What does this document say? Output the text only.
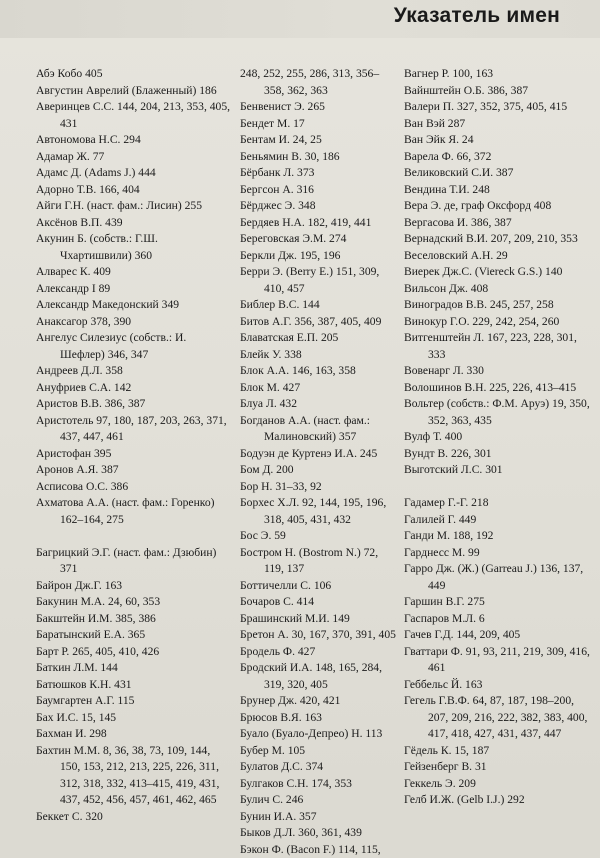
Указатель имен
Абэ Кобо 405
Августин Аврелий (Блаженный) 186
Аверинцев С.С. 144, 204, 213, 353, 405, 431
Автономова Н.С. 294
Адамар Ж. 77
Адамс Д. (Adams J.) 444
Адорно Т.В. 166, 404
Айги Г.Н. (наст. фам.: Лисин) 255
Аксёнов В.П. 439
Акунин Б. (собств.: Г.Ш. Чхартишвили) 360
Алварес К. 409
Александр I 89
Александр Македонский 349
Анаксагор 378, 390
Ангелус Силезиус (собств.: И. Шефлер) 346, 347
Андреев Д.Л. 358
Ануфриев С.А. 142
Аристов В.В. 386, 387
Аристотель 97, 180, 187, 203, 263, 371, 437, 447, 461
Аристофан 395
Аронов А.Я. 387
Асписова О.С. 386
Ахматова А.А. (наст. фам.: Горенко) 162–164, 275
Багрицкий Э.Г. (наст. фам.: Дзюбин) 371
Байрон Дж.Г. 163
Бакунин М.А. 24, 60, 353
Бакштейн И.М. 385, 386
Баратынский Е.А. 365
Барт Р. 265, 405, 410, 426
Баткин Л.М. 144
Батюшков К.Н. 431
Баумгартен А.Г. 115
Бах И.С. 15, 145
Бахман И. 298
Бахтин М.М. 8, 36, 38, 73, 109, 144, 150, 153, 212, 213, 225, 226, 311, 312, 318, 332, 413–415, 419, 431, 437, 452, 456, 457, 461, 462, 465
Беккет С. 320
248, 252, 255, 286, 313, 356–358, 362, 363
Бенвенист Э. 265
Бендет М. 17
Бентам И. 24, 25
Беньямин В. 30, 186
Бёрбанк Л. 373
Бергсон А. 316
Бёрджес Э. 348
Бердяев Н.А. 182, 419, 441
Береговская Э.М. 274
Беркли Дж. 195, 196
Берри Э. (Berry E.) 151, 309, 410, 457
Библер В.С. 144
Битов А.Г. 356, 387, 405, 409
Блаватская Е.П. 205
Блейк У. 338
Блок А.А. 146, 163, 358
Блок М. 427
Блуа Л. 432
Богданов А.А. (наст. фам.: Малиновский) 357
Бодуэн де Куртенэ И.А. 245
Бом Д. 200
Бор Н. 31–33, 92
Борхес Х.Л. 92, 144, 195, 196, 318, 405, 431, 432
Бос Э. 59
Бостром Н. (Bostrom N.) 72, 119, 137
Боттичелли С. 106
Бочаров С. 414
Брашинский М.И. 149
Бретон А. 30, 167, 370, 391, 405
Бродель Ф. 427
Бродский И.А. 148, 165, 284, 319, 320, 405
Брунер Дж. 420, 421
Брюсов В.Я. 163
Буало (Буало-Депрео) Н. 113
Бубер М. 105
Булатов Д.С. 374
Булгаков С.Н. 174, 353
Булич С. 246
Бунин И.А. 357
Быков Д.Л. 360, 361, 439
Бэкон Ф. (Bacon F.) 114, 115,
Вагнер Р. 100, 163
Вайнштейн О.Б. 386, 387
Валери П. 327, 352, 375, 405, 415
Ван Вэй 287
Ван Эйк Я. 24
Варела Ф. 66, 372
Великовский С.И. 387
Вендина Т.И. 248
Вера Э. де, граф Оксфорд 408
Вергасова И. 386, 387
Вернадский В.И. 207, 209, 210, 353
Веселовский А.Н. 29
Виерек Дж.С. (Viereck G.S.) 140
Вильсон Дж. 408
Виноградов В.В. 245, 257, 258
Винокур Г.О. 229, 242, 254, 260
Витгенштейн Л. 167, 223, 228, 301, 333
Вовенарг Л. 330
Волошинов В.Н. 225, 226, 413–415
Вольтер (собств.: Ф.М. Аруэ) 19, 350, 352, 363, 435
Вулф Т. 400
Вундт В. 226, 301
Выготский Л.С. 301
Гадамер Г.-Г. 218
Галилей Г. 449
Ганди М. 188, 192
Гарднесс М. 99
Гарро Дж. (Ж.) (Garreau J.) 136, 137, 449
Гаршин В.Г. 275
Гаспаров М.Л. 6
Гачев Г.Д. 144, 209, 405
Гваттари Ф. 91, 93, 211, 219, 309, 416, 461
Геббельс Й. 163
Гегель Г.В.Ф. 64, 87, 187, 198–200, 207, 209, 216, 222, 382, 383, 400, 417, 418, 427, 431, 437, 447
Гёдель К. 15, 187
Гейзенберг В. 31
Геккель Э. 209
Гелб И.Ж. (Gelb I.J.) 292
